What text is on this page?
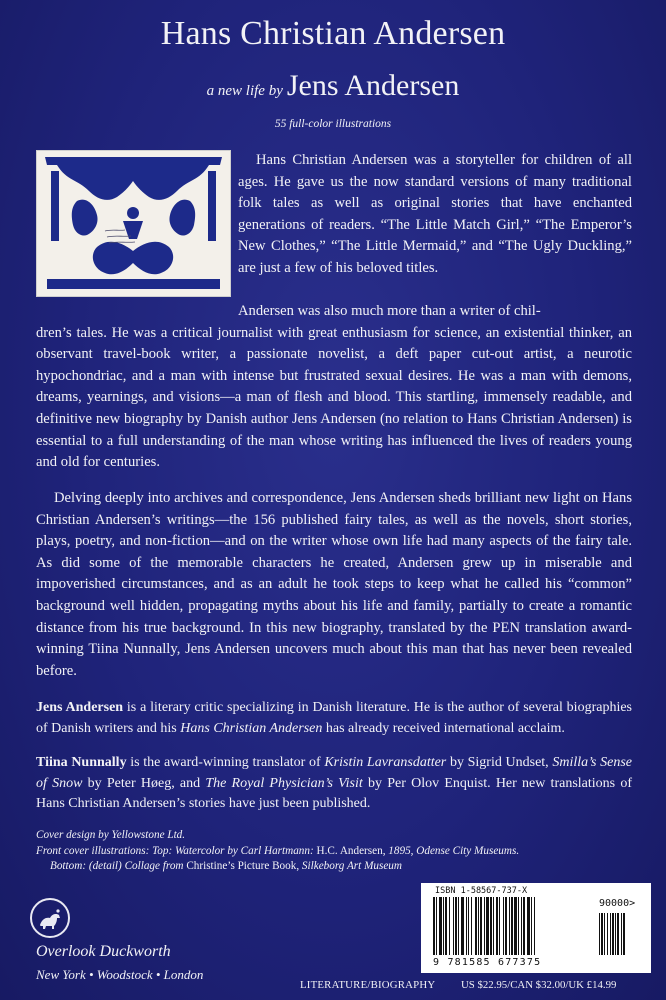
Hans Christian Andersen
a new life by Jens Andersen
55 full-color illustrations
Hans Christian Andersen was a storyteller for children of all ages. He gave us the now standard versions of many traditional folk tales as well as original stories that have enchanted generations of readers. “The Little Match Girl,” “The Emperor’s New Clothes,” “The Little Mermaid,” and “The Ugly Duckling,” are just a few of his beloved titles.
Andersen was also much more than a writer of chil-
dren’s tales. He was a critical journalist with great enthusiasm for science, an existential thinker, an observant travel-book writer, a passionate novelist, a deft paper cut-out artist, a neurotic hypochondriac, and a man with intense but frustrated sexual desires. He was a man with demons, dreams, yearnings, and visions—a man of flesh and blood. This startling, immensely readable, and definitive new biography by Danish author Jens Andersen (no relation to Hans Christian Andersen) is essential to a full understanding of the man whose writing has influenced the lives of readers young and old for centuries.
Delving deeply into archives and correspondence, Jens Andersen sheds brilliant new light on Hans Christian Andersen’s writings—the 156 published fairy tales, as well as the novels, short stories, plays, poetry, and non-fiction—and on the writer whose own life had many aspects of the fairy tale. As did some of the memorable characters he created, Andersen grew up in miserable and impoverished circumstances, and as an adult he took steps to keep what he called his “common” background well hidden, propagating myths about his life and family, partially to create a romantic distance from his true background. In this new biography, translated by the PEN translation award-winning Tiina Nunnally, Jens Andersen uncovers much about this man that has never been revealed before.
Jens Andersen is a literary critic specializing in Danish literature. He is the author of several biographies of Danish writers and his Hans Christian Andersen has already received international acclaim.
Tiina Nunnally is the award-winning translator of Kristin Lavransdatter by Sigrid Undset, Smilla’s Sense of Snow by Peter Høeg, and The Royal Physician’s Visit by Per Olov Enquist. Her new translations of Hans Christian Andersen’s stories have just been published.
Cover design by Yellowstone Ltd.
Front cover illustrations: Top: Watercolor by Carl Hartmann: H.C. Andersen, 1895, Odense City Museums.
Bottom: (detail) Collage from Christine’s Picture Book, Silkeborg Art Museum
Overlook Duckworth
New York • Woodstock • London
ISBN 1-58567-737-X
90000>
9 781585 677375
LITERATURE/BIOGRAPHY US $22.95/CAN $32.00/UK £14.99
